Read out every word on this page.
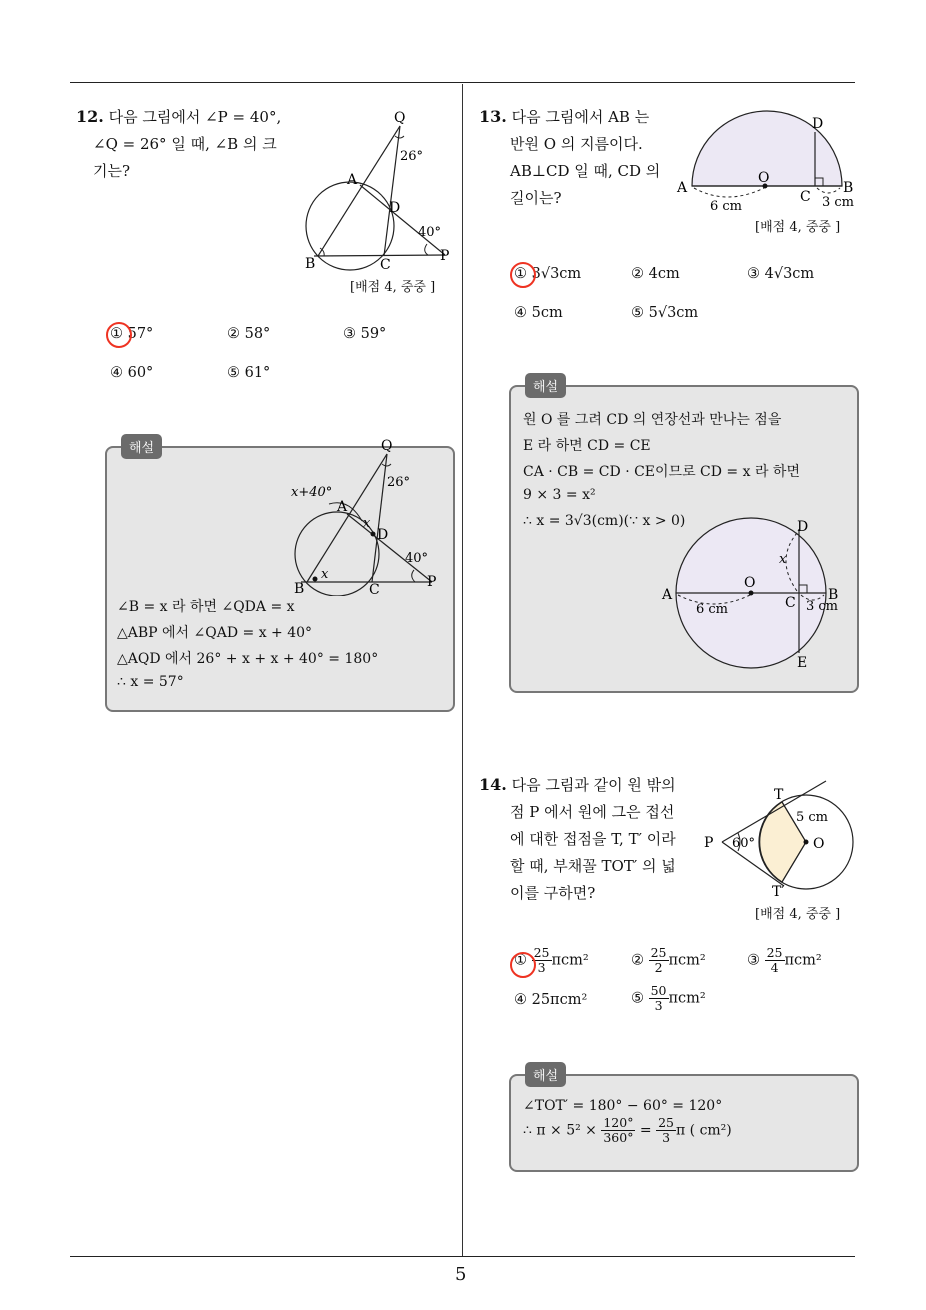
12. 다음 그림에서 ∠P = 40°,
∠Q = 26° 일 때, ∠B 의 크
기는?
Q
26°
A
D
40°
B	C
P
[배점 4, 중중 ]
① 57°	② 58°	③ 59°
④ 60°	⑤ 61°
해설	Q
26°
x+40°
A
x
D
40°
x
B	C	P
∠B = x 라 하면 ∠QDA = x
△ABP 에서 ∠QAD = x + 40°
△AQD 에서 26° + x + x + 40° = 180°
∴ x = 57°
13. 다음 그림에서 AB 는
반원 O 의 지름이다.
AB⊥CD 일 때, CD 의
길이는?
D
O
A
C
B
6 cm	3 cm
[배점 4, 중중 ]
① 3√3cm	② 4cm	③ 4√3cm
④ 5cm	⑤ 5√3cm
해설
원 O 를 그려 CD 의 연장선과 만나는 점을
E 라 하면 CD = CE
CA · CB = CD · CE이므로 CD = x 라 하면
9 × 3 = x²
∴ x = 3√3(cm)(∵ x > 0)	D
x
O
A	C B
6 cm	3 cm
E
14. 다음 그림과 같이 원 밖의
점 P 에서 원에 그은 접선
에 대한 접점을 T, T′ 이라
할 때, 부채꼴 TOT′ 의 넓
이를 구하면?
T
5 cm
P 60°	O
T′
[배점 4, 중중 ]
① $\frac{25}{3} \pi cm^2$	② $\frac{25}{2} \pi cm^2$	③ $\frac{25}{4} \pi cm^2$
④ 25πcm²	⑤ $\frac{50}{3} \pi cm^2$
해설
∠TOT′ = 180° − 60° = 120°
∴ $\pi \times 5^2 \times \frac{120^\circ}{360^\circ} = \frac{25}{3}$ π ( cm²)
5
